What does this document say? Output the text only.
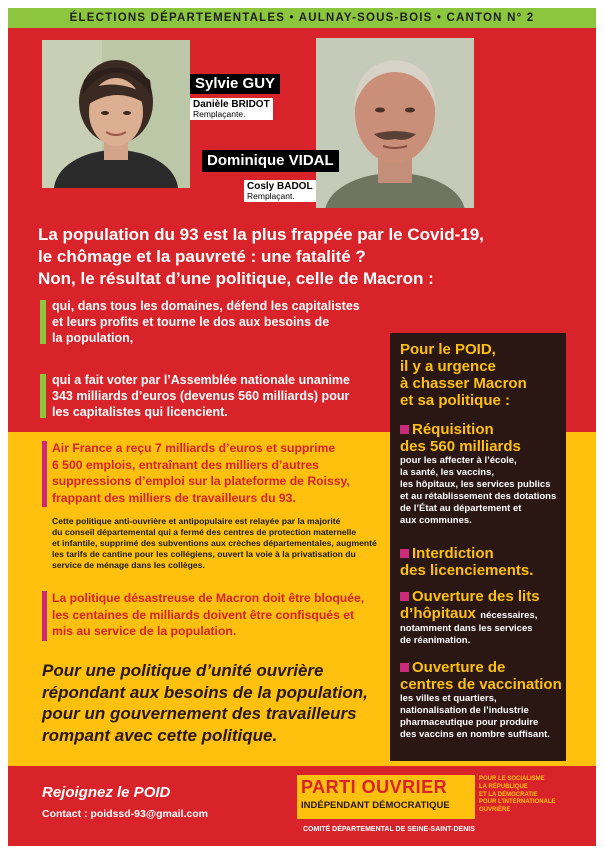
ÉLECTIONS DÉPARTEMENTALES • AULNAY-SOUS-BOIS • CANTON N° 2
Sylvie GUY
Danièle BRIDOT
Remplaçante.
Dominique VIDAL
Cosly BADOL
Remplaçant.
La population du 93 est la plus frappée par le Covid-19,
le chômage et la pauvreté : une fatalité ?
Non, le résultat d’une politique, celle de Macron :
qui, dans tous les domaines, défend les capitalistes
et leurs profits et tourne le dos aux besoins de
la population,
qui a fait voter par l’Assemblée nationale unanime
343 milliards d’euros (devenus 560 milliards) pour
les capitalistes qui licencient.
Air France a reçu 7 milliards d’euros et supprime
6 500 emplois, entraînant des milliers d’autres
suppressions d’emploi sur la plateforme de Roissy,
frappant des milliers de travailleurs du 93.
Cette politique anti-ouvrière et antipopulaire est relayée par la majorité
du conseil départemental qui a fermé des centres de protection maternelle
et infantile, supprimé des subventions aux crèches départementales, augmenté
les tarifs de cantine pour les collégiens, ouvert la voie à la privatisation du
service de ménage dans les collèges.
La politique désastreuse de Macron doit être bloquée,
les centaines de milliards doivent être confisqués et
mis au service de la population.
Pour une politique d’unité ouvrière
répondant aux besoins de la population,
pour un gouvernement des travailleurs
rompant avec cette politique.
Pour le POID,
il y a urgence
à chasser Macron
et sa politique :
Réquisition
des 560 milliards
pour les affecter à l’école,
la santé, les vaccins,
les hôpitaux, les services publics
et au rétablissement des dotations
de l’État au département et
aux communes.
Interdiction
des licenciements.
Ouverture des lits
d’hôpitaux nécessaires,
notamment dans les services
de réanimation.
Ouverture de
centres de vaccination
les villes et quartiers,
nationalisation de l’industrie
pharmaceutique pour produire
des vaccins en nombre suffisant.
Rejoignez le POID
Contact : poidssd-93@gmail.com
PARTI OUVRIER
INDÉPENDANT DÉMOCRATIQUE
POUR LE SOCIALISME
LA RÉPUBLIQUE
ET LA DÉMOCRATIE
POUR L’INTERNATIONALE
OUVRIÈRE
COMITÉ DÉPARTEMENTAL DE SEINE-SAINT-DENIS
